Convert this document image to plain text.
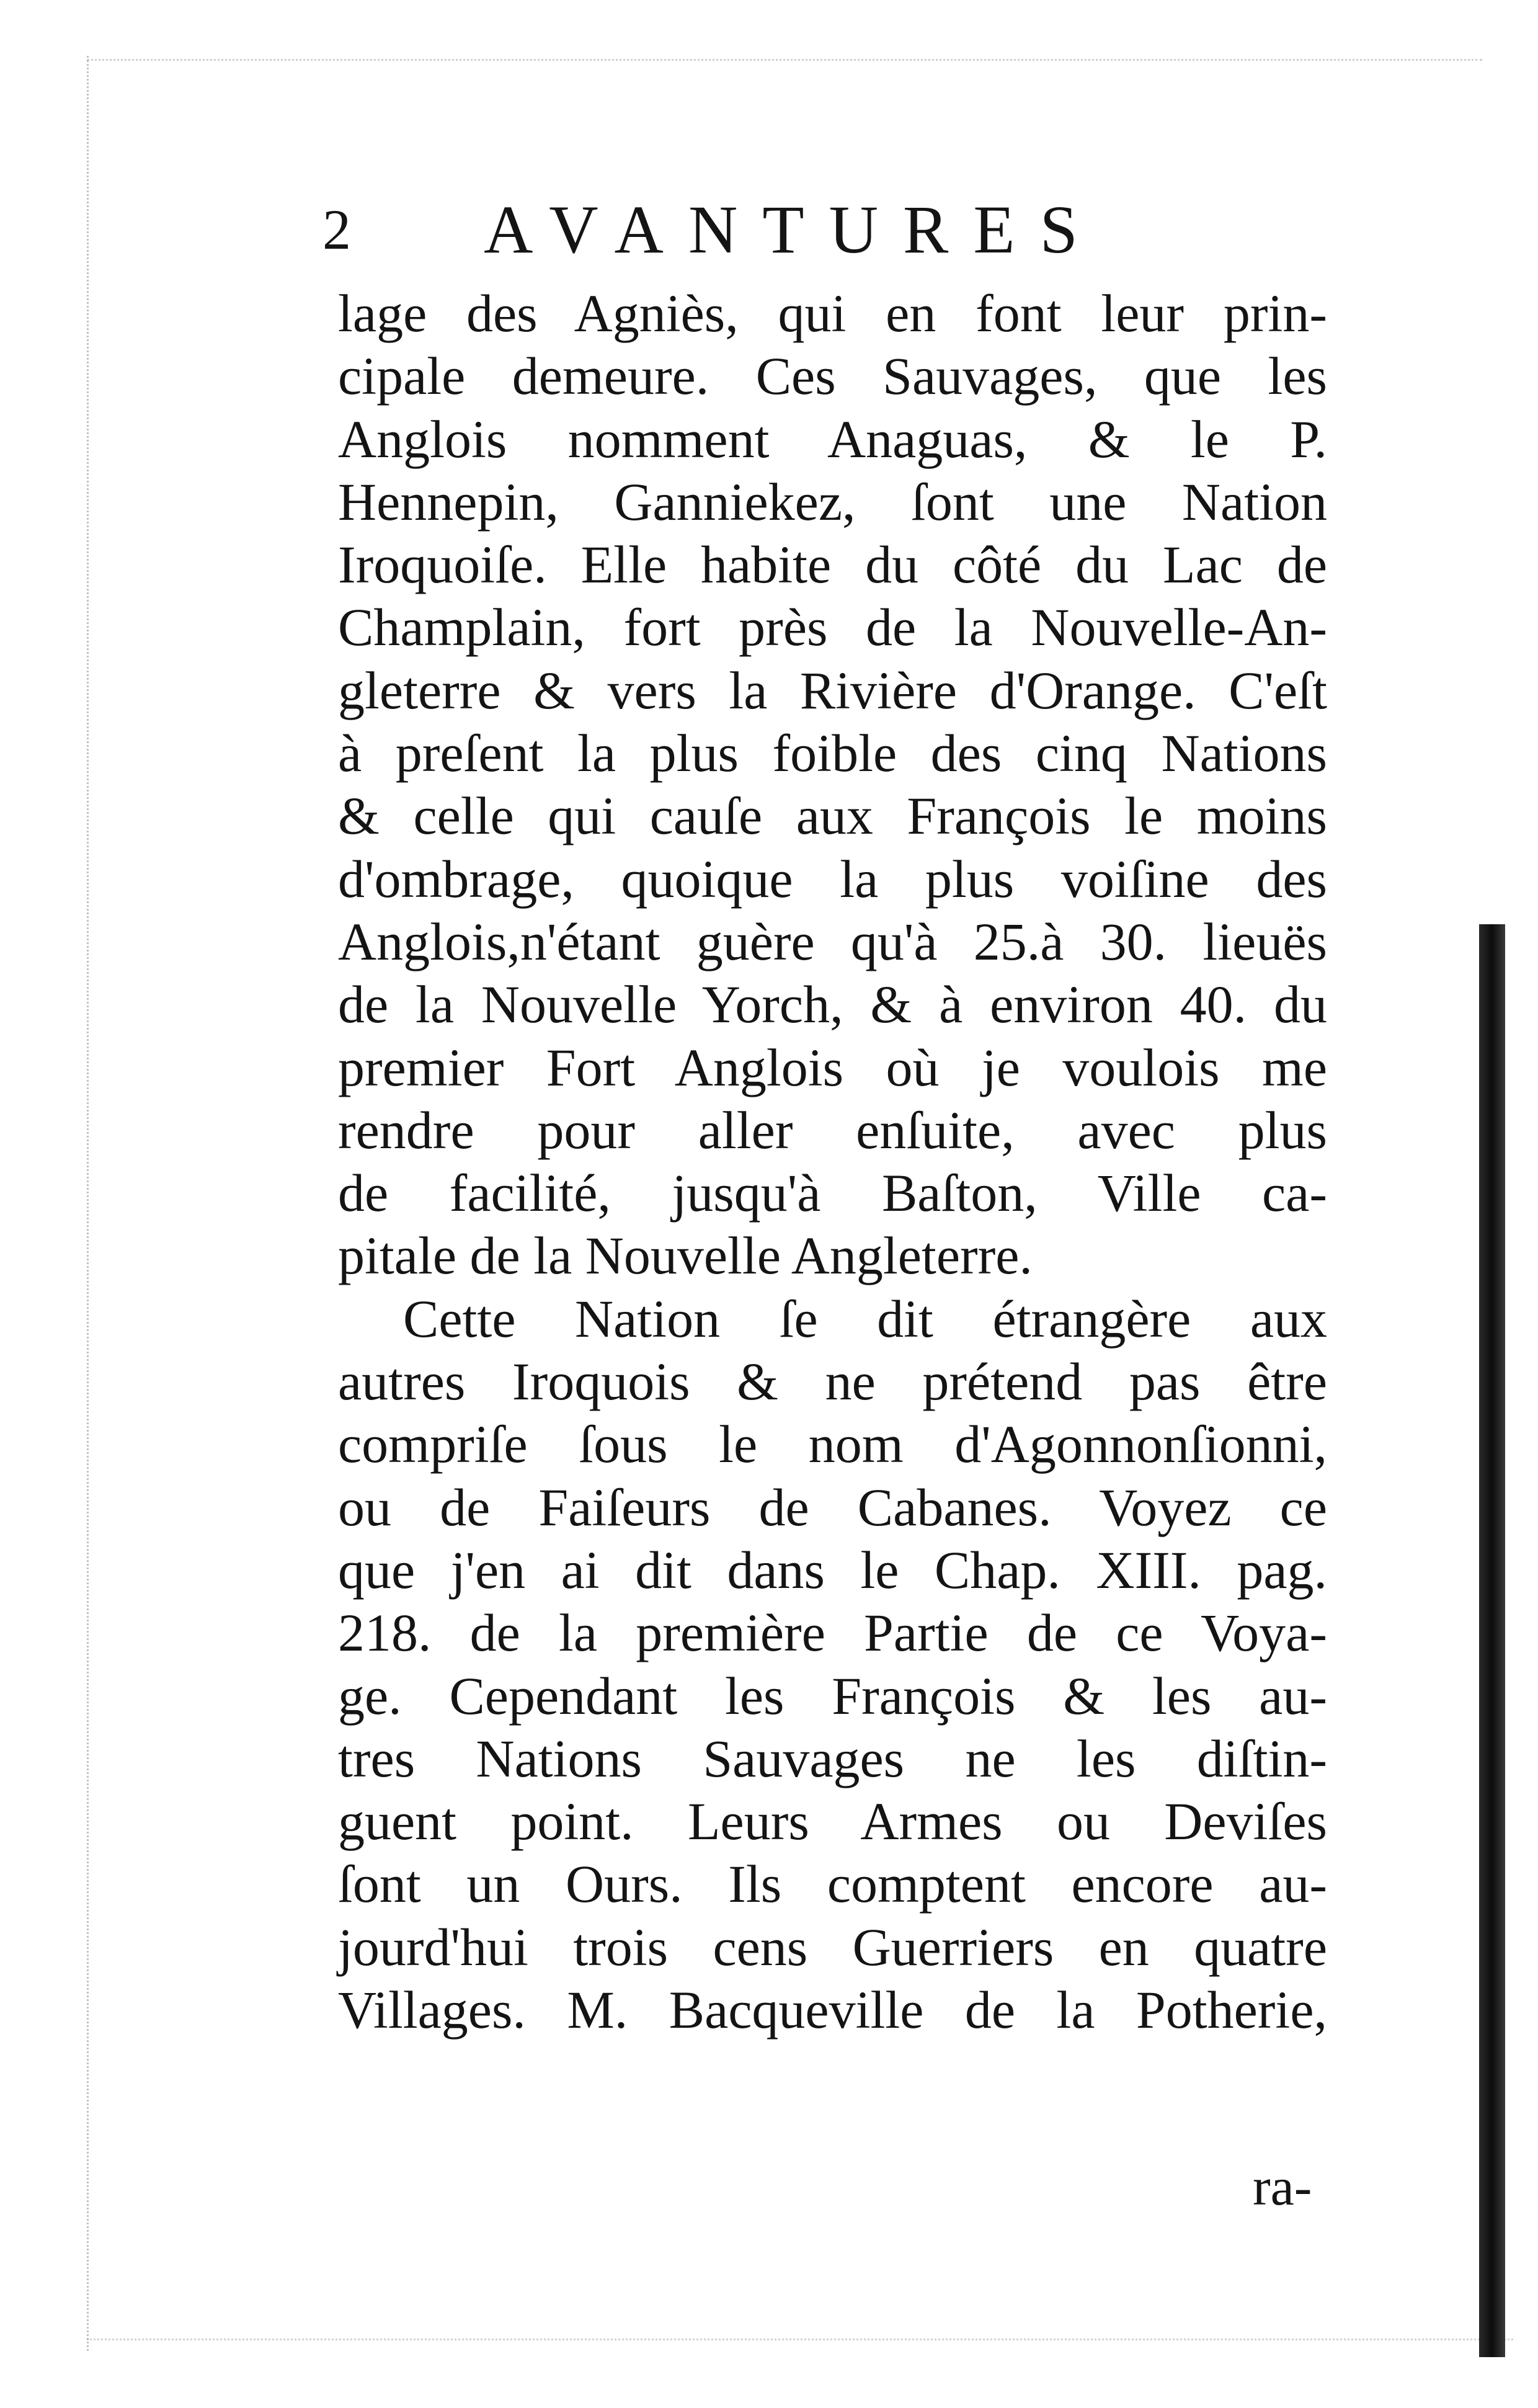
2 AVANTURES
lage des Agniès, qui en font leur prin-
cipale demeure. Ces Sauvages, que les
Anglois nomment Anaguas, & le P.
Hennepin, Ganniekez, ſont une Nation
Iroquoiſe. Elle habite du côté du Lac de
Champlain, fort près de la Nouvelle-An-
gleterre & vers la Rivière d'Orange. C'eſt
à preſent la plus foible des cinq Nations
& celle qui cauſe aux François le moins
d'ombrage, quoique la plus voiſine des
Anglois,n'étant guère qu'à 25.à 30. lieuës
de la Nouvelle Yorch, & à environ 40. du
premier Fort Anglois où je voulois me
rendre pour aller enſuite, avec plus
de facilité, jusqu'à Baſton, Ville ca-
pitale de la Nouvelle Angleterre.
Cette Nation ſe dit étrangère aux
autres Iroquois & ne prétend pas être
compriſe ſous le nom d'Agonnonſionni,
ou de Faiſeurs de Cabanes. Voyez ce
que j'en ai dit dans le Chap. XIII. pag.
218. de la première Partie de ce Voya-
ge. Cependant les François & les au-
tres Nations Sauvages ne les diſtin-
guent point. Leurs Armes ou Deviſes
ſont un Ours. Ils comptent encore au-
jourd'hui trois cens Guerriers en quatre
Villages. M. Bacqueville de la Potherie,
ra-
